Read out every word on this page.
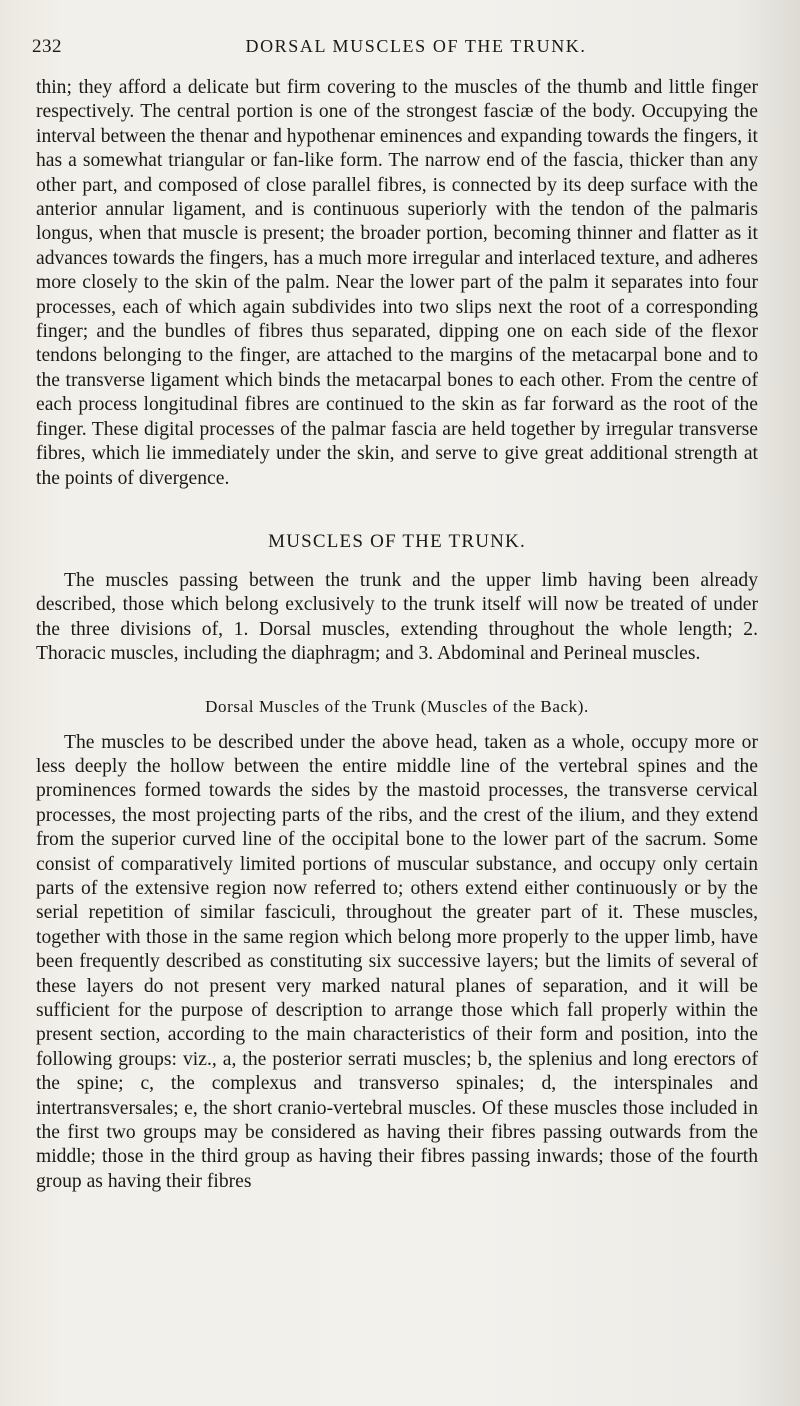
232	DORSAL MUSCLES OF THE TRUNK.

thin; they afford a delicate but firm covering to the muscles of the thumb and little finger respectively. The central portion is one of the strongest fasciæ of the body. Occupying the interval between the thenar and hypothenar eminences and expanding towards the fingers, it has a somewhat triangular or fan-like form. The narrow end of the fascia, thicker than any other part, and composed of close parallel fibres, is connected by its deep surface with the anterior annular ligament, and is continuous superiorly with the tendon of the palmaris longus, when that muscle is present; the broader portion, becoming thinner and flatter as it advances towards the fingers, has a much more irregular and interlaced texture, and adheres more closely to the skin of the palm. Near the lower part of the palm it separates into four processes, each of which again subdivides into two slips next the root of a corresponding finger; and the bundles of fibres thus separated, dipping one on each side of the flexor tendons belonging to the finger, are attached to the margins of the metacarpal bone and to the transverse ligament which binds the metacarpal bones to each other. From the centre of each process longitudinal fibres are continued to the skin as far forward as the root of the finger. These digital processes of the palmar fascia are held together by irregular transverse fibres, which lie immediately under the skin, and serve to give great additional strength at the points of divergence.

MUSCLES OF THE TRUNK.

The muscles passing between the trunk and the upper limb having been already described, those which belong exclusively to the trunk itself will now be treated of under the three divisions of, 1. Dorsal muscles, extending throughout the whole length; 2. Thoracic muscles, including the diaphragm; and 3. Abdominal and Perineal muscles.

Dorsal Muscles of the Trunk (Muscles of the Back).

The muscles to be described under the above head, taken as a whole, occupy more or less deeply the hollow between the entire middle line of the vertebral spines and the prominences formed towards the sides by the mastoid processes, the transverse cervical processes, the most projecting parts of the ribs, and the crest of the ilium, and they extend from the superior curved line of the occipital bone to the lower part of the sacrum. Some consist of comparatively limited portions of muscular substance, and occupy only certain parts of the extensive region now referred to; others extend either continuously or by the serial repetition of similar fasciculi, throughout the greater part of it. These muscles, together with those in the same region which belong more properly to the upper limb, have been frequently described as constituting six successive layers; but the limits of several of these layers do not present very marked natural planes of separation, and it will be sufficient for the purpose of description to arrange those which fall properly within the present section, according to the main characteristics of their form and position, into the following groups: viz., a, the posterior serrati muscles; b, the splenius and long erectors of the spine; c, the complexus and transverso spinales; d, the interspinales and intertransversales; e, the short cranio-vertebral muscles. Of these muscles those included in the first two groups may be considered as having their fibres passing outwards from the middle; those in the third group as having their fibres passing inwards; those of the fourth group as having their fibres
